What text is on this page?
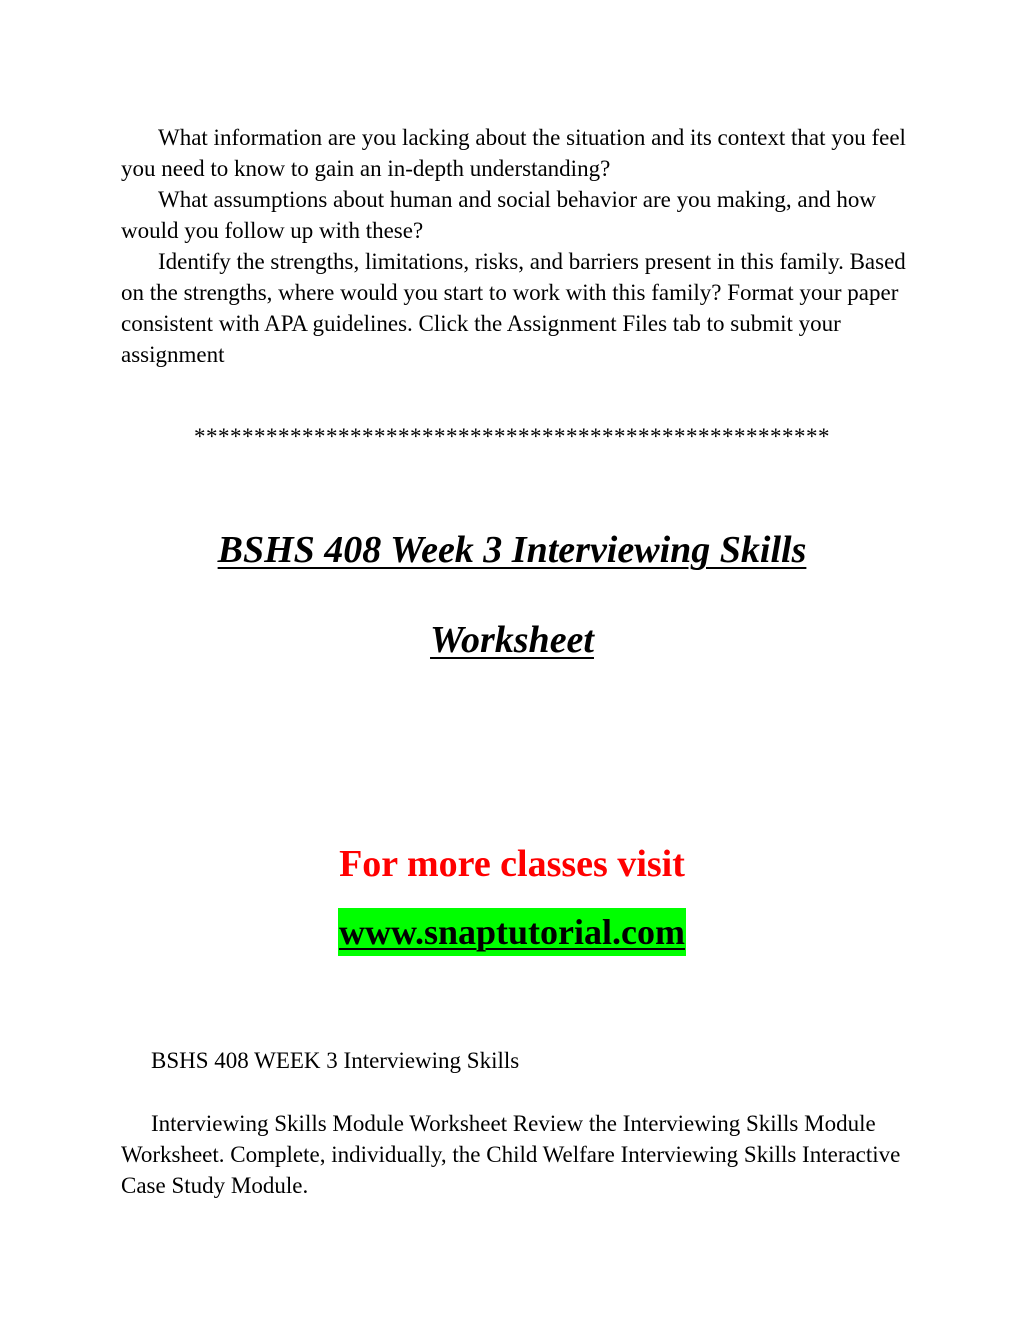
What information are you lacking about the situation and its context that you feel you need to know to gain an in-depth understanding?

What assumptions about human and social behavior are you making, and how would you follow up with these?

Identify the strengths, limitations, risks, and barriers present in this family. Based on the strengths, where would you start to work with this family? Format your paper consistent with APA guidelines. Click the Assignment Files tab to submit your assignment

*****************************************************

BSHS 408 Week 3 Interviewing Skills
Worksheet

For more classes visit

www.snaptutorial.com

BSHS 408 WEEK 3 Interviewing Skills

Interviewing Skills Module Worksheet Review the Interviewing Skills Module Worksheet. Complete, individually, the Child Welfare Interviewing Skills Interactive Case Study Module.
